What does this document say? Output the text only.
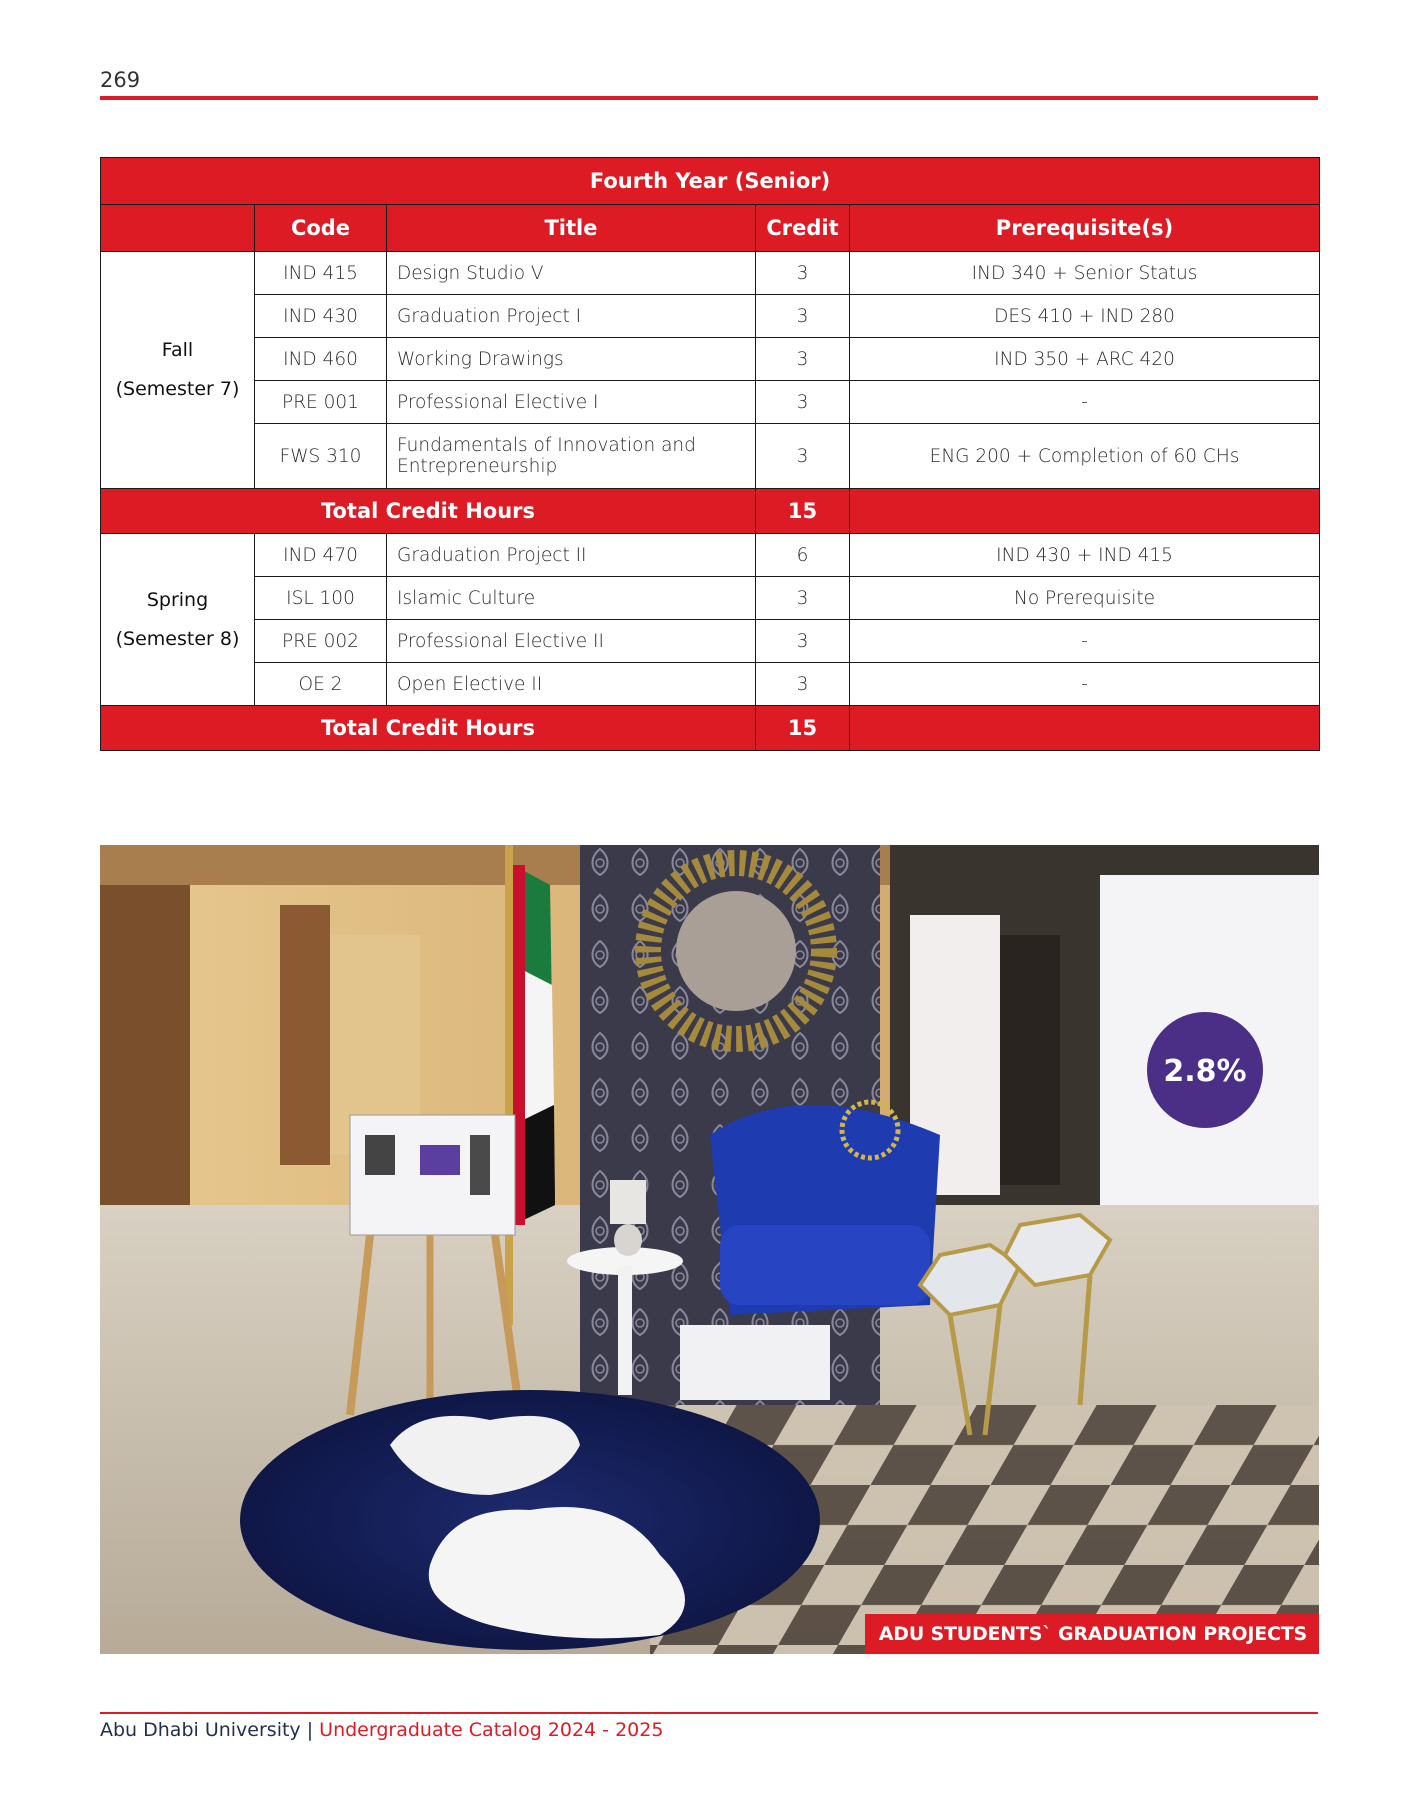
269
Fourth Year (Senior)				
	Code	Title	Credit	Prerequisite(s)
Fall
(Semester 7)	IND 415	Design Studio V	3	IND 340 + Senior Status
	IND 430	Graduation Project I	3	DES 410 + IND 280
	IND 460	Working Drawings	3	IND 350 + ARC 420
	PRE 001	Professional Elective I	3	-
	FWS 310	Fundamentals of Innovation and Entrepreneurship	3	ENG 200 + Completion of 60 CHs
Total Credit Hours			15	
Spring
(Semester 8)	IND 470	Graduation Project II	6	IND 430 + IND 415
	ISL 100	Islamic Culture	3	No Prerequisite
	PRE 002	Professional Elective II	3	-
	OE 2	Open Elective II	3	-
Total Credit Hours			15	
2.8%
ADU STUDENTS` GRADUATION PROJECTS
Abu Dhabi University | Undergraduate Catalog 2024 - 2025
